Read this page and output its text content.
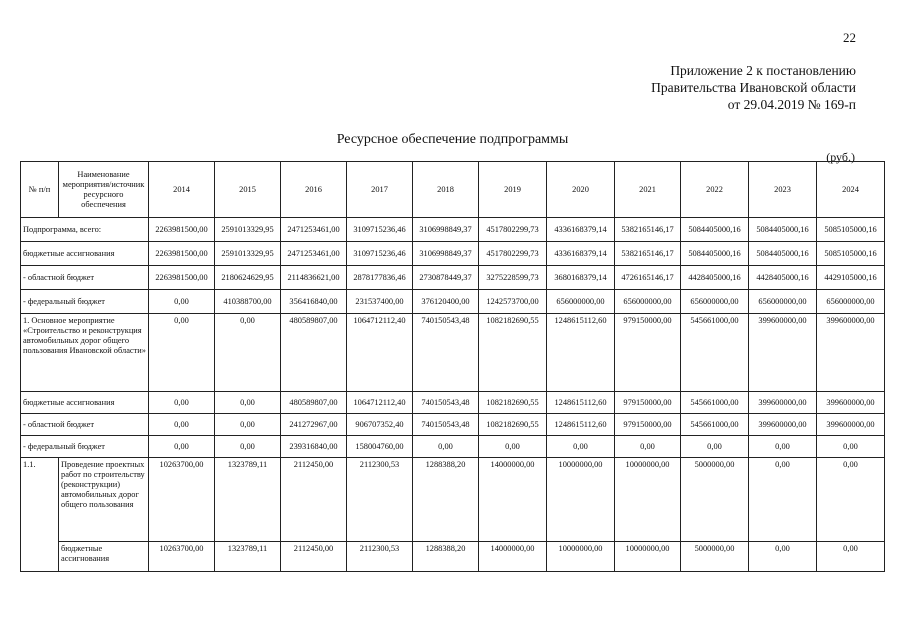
22
Приложение 2 к постановлению
Правительства Ивановской области
от 29.04.2019 № 169-п
Ресурсное обеспечение подпрограммы
(руб.)
№ п/п	Наименование мероприятия/источник ресурсного обеспечения	2014	2015	2016	2017	2018	2019	2020	2021	2022	2023	2024
Подпрограмма, всего:		2263981500,00	2591013329,95	2471253461,00	3109715236,46	3106998849,37	4517802299,73	4336168379,14	5382165146,17	5084405000,16	5084405000,16	5085105000,16
бюджетные ассигнования		2263981500,00	2591013329,95	2471253461,00	3109715236,46	3106998849,37	4517802299,73	4336168379,14	5382165146,17	5084405000,16	5084405000,16	5085105000,16
- областной бюджет		2263981500,00	2180624629,95	2114836621,00	2878177836,46	2730878449,37	3275228599,73	3680168379,14	4726165146,17	4428405000,16	4428405000,16	4429105000,16
- федеральный бюджет		0,00	410388700,00	356416840,00	231537400,00	376120400,00	1242573700,00	656000000,00	656000000,00	656000000,00	656000000,00	656000000,00
1. Основное мероприятие «Строительство и реконструкция автомобильных дорог общего пользования Ивановской области»		0,00	0,00	480589807,00	1064712112,40	740150543,48	1082182690,55	1248615112,60	979150000,00	545661000,00	399600000,00	399600000,00
бюджетные ассигнования		0,00	0,00	480589807,00	1064712112,40	740150543,48	1082182690,55	1248615112,60	979150000,00	545661000,00	399600000,00	399600000,00
- областной бюджет		0,00	0,00	241272967,00	906707352,40	740150543,48	1082182690,55	1248615112,60	979150000,00	545661000,00	399600000,00	399600000,00
- федеральный бюджет		0,00	0,00	239316840,00	158004760,00	0,00	0,00	0,00	0,00	0,00	0,00	0,00
1.1.	Проведение проектных работ по строительству (реконструкции) автомобильных дорог общего пользования	10263700,00	1323789,11	2112450,00	2112300,53	1288388,20	14000000,00	10000000,00	10000000,00	5000000,00	0,00	0,00
	бюджетные ассигнования	10263700,00	1323789,11	2112450,00	2112300,53	1288388,20	14000000,00	10000000,00	10000000,00	5000000,00	0,00	0,00
